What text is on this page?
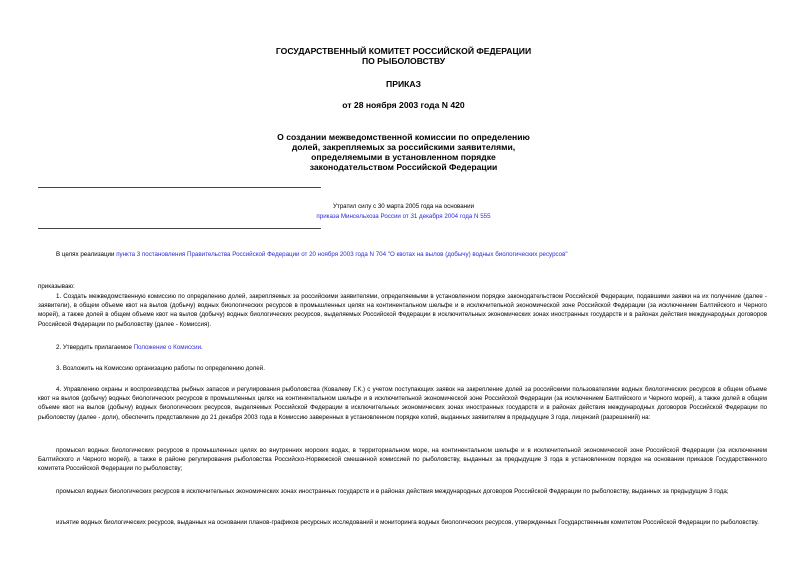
ГОСУДАРСТВЕННЫЙ КОМИТЕТ РОССИЙСКОЙ ФЕДЕРАЦИИ
ПО РЫБОЛОВСТВУ
ПРИКАЗ
от 28 ноября 2003 года N 420
О создании межведомственной комиссии по определению
долей, закрепляемых за российскими заявителями,
определяемыми в установленном порядке
законодательством Российской Федерации
Утратил силу с 30 марта 2005 года на основании
приказа Минсельхоза России от 31 декабря 2004 года N 555
В целях реализации пункта 3 постановления Правительства Российской Федерации от 20 ноября 2003 года N 704 "О квотах на вылов (добычу) водных биологических ресурсов"
приказываю:
1. Создать межведомственную комиссию по определению долей, закрепляемых за российскими заявителями, определяемыми в установленном порядке законодательством Российской Федерации, подавшими заявки на их получение (далее - заявители), в общем объеме квот на вылов (добычу) водных биологических ресурсов в промышленных целях на континентальном шельфе и в исключительной экономической зоне Российской Федерации (за исключением Балтийского и Черного морей), а также долей в общем объеме квот на вылов (добычу) водных биологических ресурсов, выделяемых Российской Федерации в исключительных экономических зонах иностранных государств и в районах действия международных договоров Российской Федерации по рыболовству (далее - Комиссия).
2. Утвердить прилагаемое Положение о Комиссии.
3. Возложить на Комиссию организацию работы по определению долей.
4. Управлению охраны и воспроизводства рыбных запасов и регулирования рыболовства (Ковалеву Г.К.) с учетом поступающих заявок на закрепление долей за российскими пользователями водных биологических ресурсов в общем объеме квот на вылов (добычу) водных биологических ресурсов в промышленных целях на континентальном шельфе и в исключительной экономической зоне Российской Федерации (за исключением Балтийского и Черного морей), а также долей в общем объеме квот на вылов (добычу) водных биологических ресурсов, выделяемых Российской Федерации в исключительных экономических зонах иностранных государств и в районах действия международных договоров Российской Федерации по рыболовству (далее - доли), обеспечить представление до 21 декабря 2003 года в Комиссию заверенных в установленном порядке копий, выданных заявителям в предыдущие 3 года, лицензий (разрешений) на:
промысел водных биологических ресурсов в промышленных целях во внутренних морских водах, в территориальном море, на континентальном шельфе и в исключительной экономической зоне Российской Федерации (за исключением Балтийского и Черного морей), а также в районе регулирования рыболовства Российско-Норвежской смешанной комиссией по рыболовству, выданных за предыдущие 3 года в установленном порядке на основании приказов Государственного комитета Российской Федерации по рыболовству;
промысел водных биологических ресурсов в исключительных экономических зонах иностранных государств и в районах действия международных договоров Российской Федерации по рыболовству, выданных за предыдущие 3 года;
изъятие водных биологических ресурсов, выданных на основании планов-графиков ресурсных исследований и мониторинга водных биологических ресурсов, утвержденных Государственным комитетом Российской Федерации по рыболовству.
